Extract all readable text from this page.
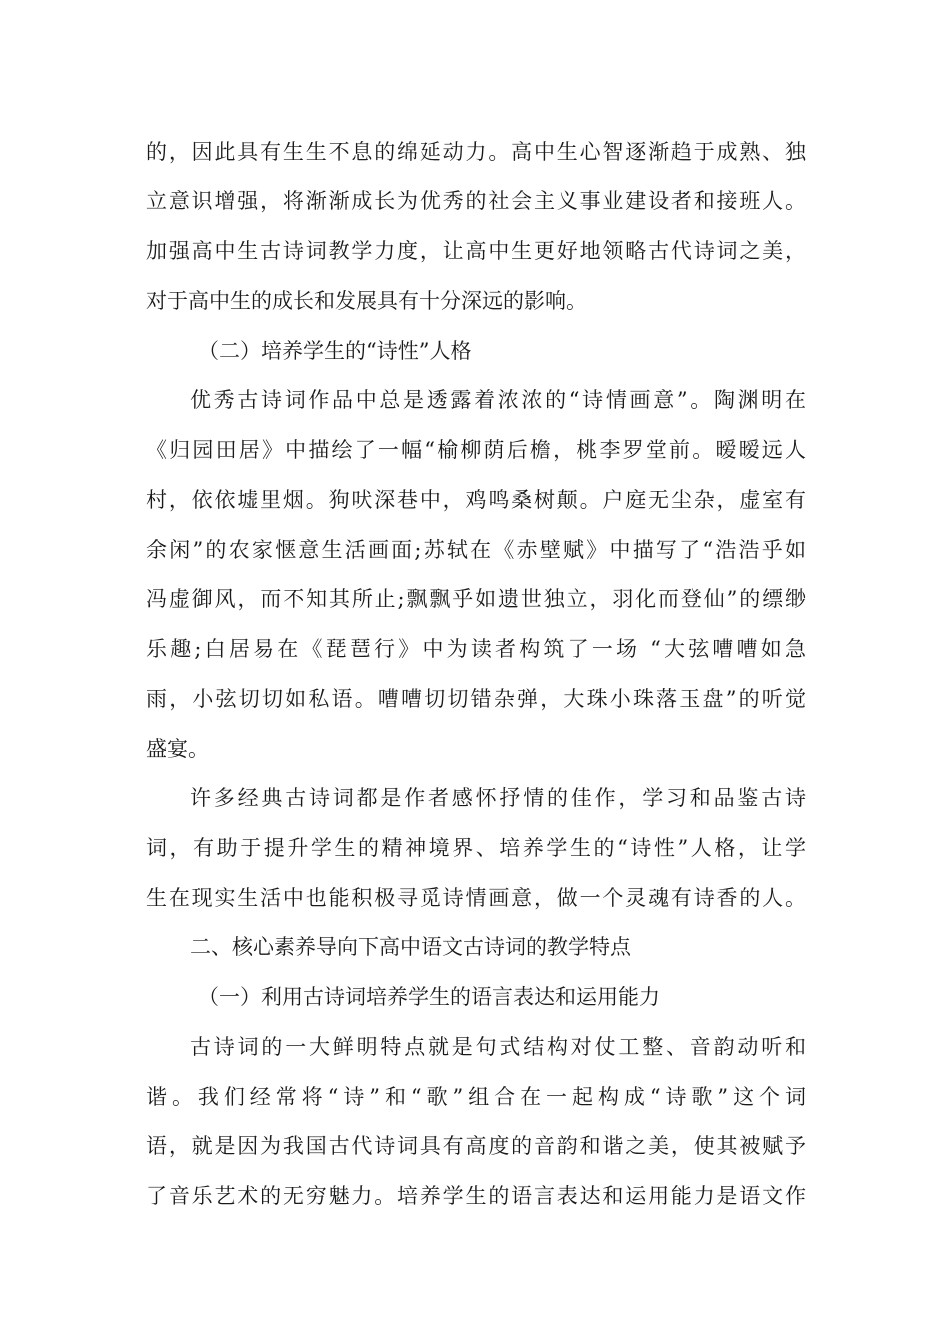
的，因此具有生生不息的绵延动力。高中生心智逐渐趋于成熟、独
立意识增强，将渐渐成长为优秀的社会主义事业建设者和接班人。
加强高中生古诗词教学力度，让高中生更好地领略古代诗词之美，
对于高中生的成长和发展具有十分深远的影响。
（二）培养学生的“诗性”人格
优秀古诗词作品中总是透露着浓浓的“诗情画意”。陶渊明在
《归园田居》中描绘了一幅“榆柳荫后檐，桃李罗堂前。暧暧远人
村，依依墟里烟。狗吠深巷中，鸡鸣桑树颠。户庭无尘杂，虚室有
余闲”的农家惬意生活画面;苏轼在《赤壁赋》中描写了“浩浩乎如
冯虚御风，而不知其所止;飘飘乎如遗世独立，羽化而登仙”的缥缈
乐趣;白居易在《琵琶行》中为读者构筑了一场 “大弦嘈嘈如急
雨，小弦切切如私语。嘈嘈切切错杂弹，大珠小珠落玉盘”的听觉
盛宴。
许多经典古诗词都是作者感怀抒情的佳作，学习和品鉴古诗
词，有助于提升学生的精神境界、培养学生的“诗性”人格，让学
生在现实生活中也能积极寻觅诗情画意，做一个灵魂有诗香的人。
二、核心素养导向下高中语文古诗词的教学特点
（一）利用古诗词培养学生的语言表达和运用能力
古诗词的一大鲜明特点就是句式结构对仗工整、音韵动听和
谐。我们经常将“诗”和“歌”组合在一起构成“诗歌”这个词
语，就是因为我国古代诗词具有高度的音韵和谐之美，使其被赋予
了音乐艺术的无穷魅力。培养学生的语言表达和运用能力是语文作
